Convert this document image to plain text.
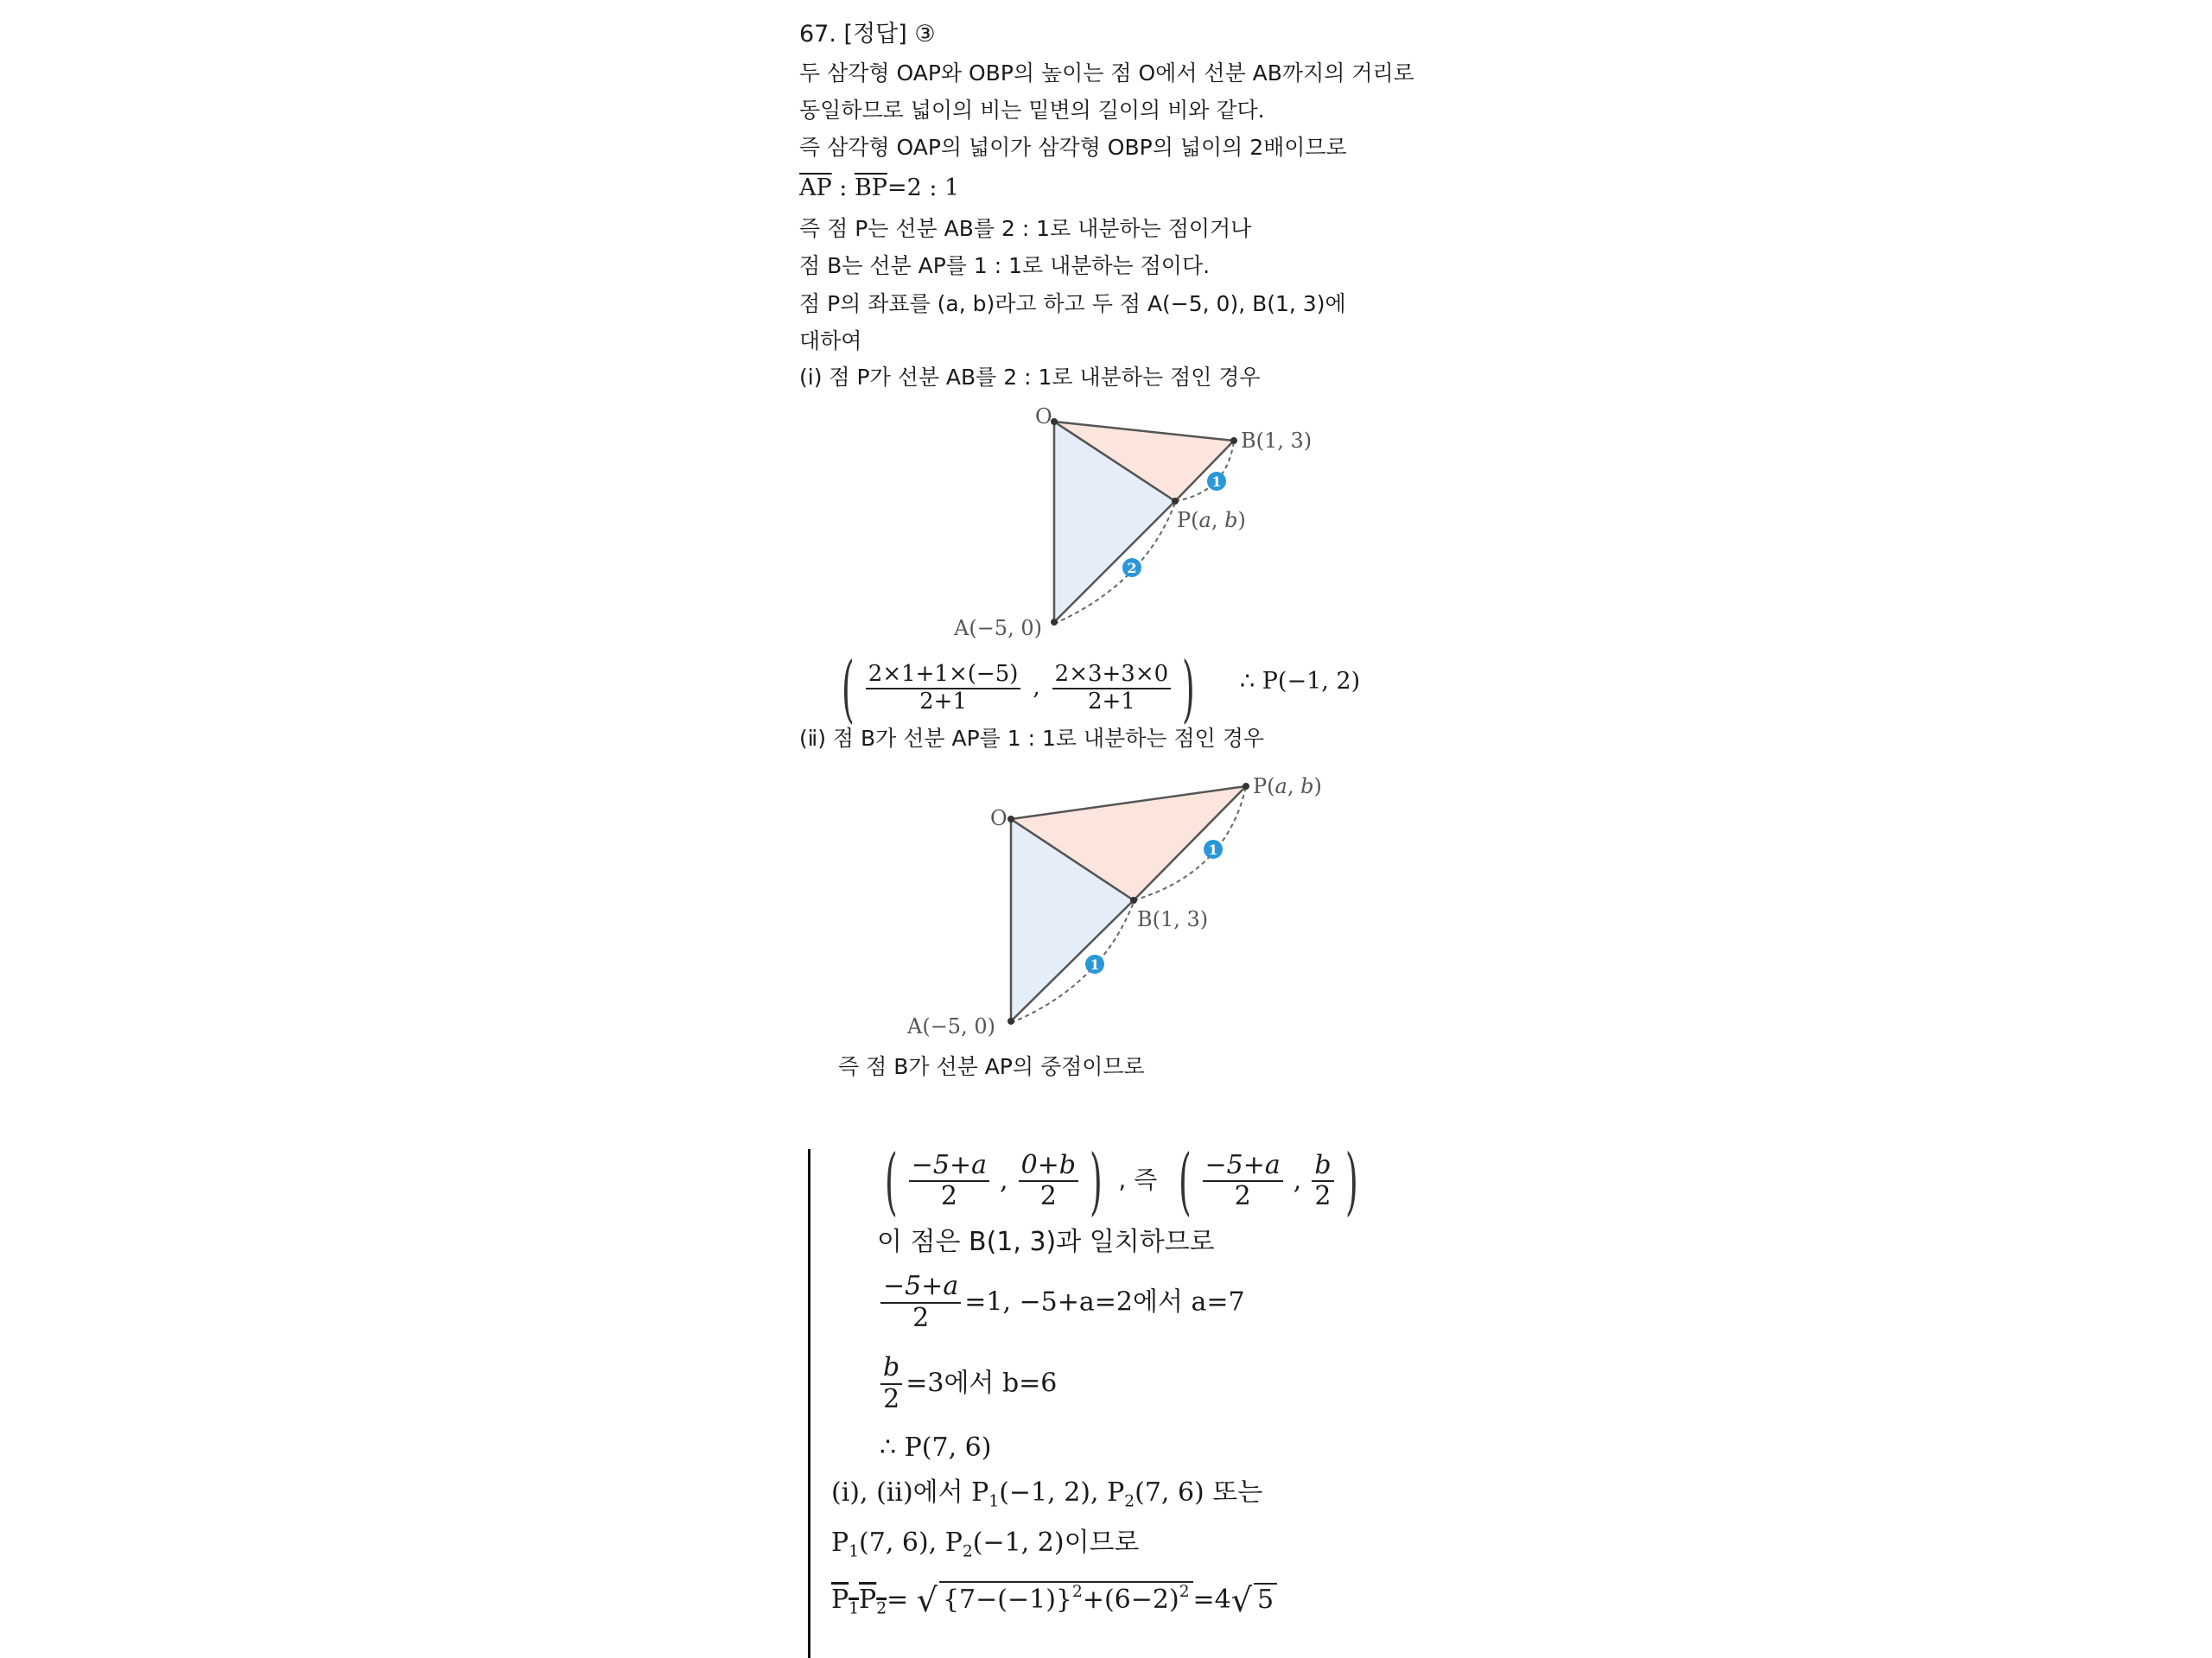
67. [정답] ③
두 삼각형 OAP와 OBP의 높이는 점 O에서 선분 AB까지의 거리로
동일하므로 넓이의 비는 밑변의 길이의 비와 같다.
즉 삼각형 OAP의 넓이가 삼각형 OBP의 넓이의 2배이므로
$\overline{AP}$ : $\overline{BP}=2$ : 1
즉 점 P는 선분 AB를 2 : 1로 내분하는 점이거나
점 B는 선분 AP를 1 : 1로 내분하는 점이다.
점 P의 좌표를 (a, b)라고 하고 두 점 A(−5, 0), B(1, 3)에
대하여
(ⅰ) 점 P가 선분 AB를 2 : 1로 내분하는 점인 경우
1
2
O
B(1, 3)
P(a, b)
A(−5, 0)
( $\frac{2\times 1+1\times(-5)}{2+1}$ , $\frac{2\times 3+3\times 0}{2+1}$ ) ∴ P(−1, 2)
(ⅱ) 점 B가 선분 AP를 1 : 1로 내분하는 점인 경우
1
1
O
P(a, b)
B(1, 3)
A(−5, 0)
즉 점 B가 선분 AP의 중점이므로
( $\frac{-5+a}{2}$ , $\frac{0+b}{2}$ ) , 즉 ( $\frac{-5+a}{2}$ , $\frac{b}{2}$ )
이 점은 B(1, 3)과 일치하므로
$\frac{-5+a}{2} =1$, −5+a=2에서 a=7
$\frac{b}{2} =3$에서 b=6
∴ P(7, 6)
(ⅰ), (ⅱ)에서 $P_1(-1$, 2), $P_2(7$, 6) 또는
$P_1(7$, 6), $P_2(-1$, 2)이므로
$P_1P_2=$ √ $\{7-(-1)\}^2+(6-2)^2 =4√$ 5
